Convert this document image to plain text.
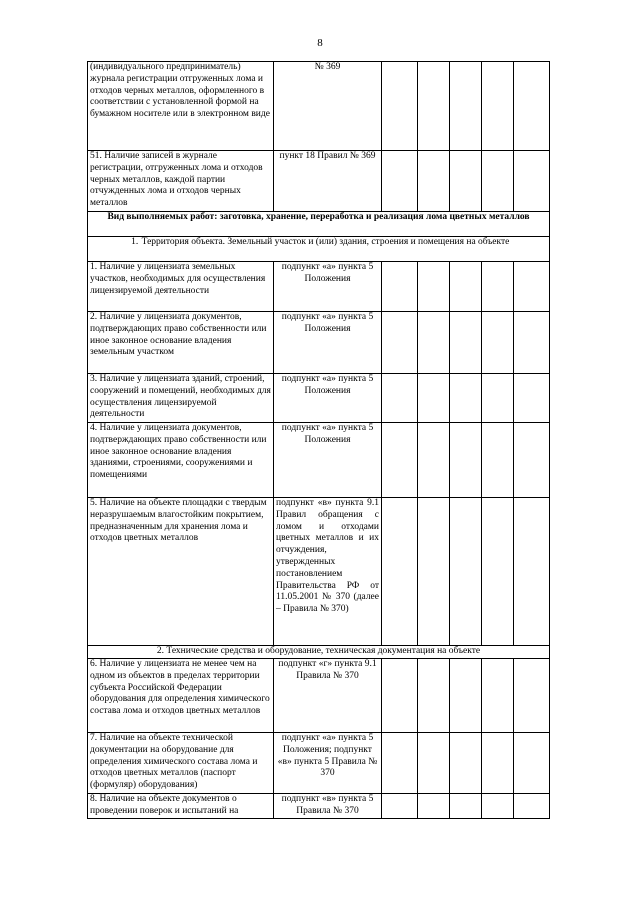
8
(индивидуального предприниматель) журнала регистрации отгруженных лома и отходов черных металлов, оформленного в соответствии с установленной формой на бумажном носителе или в электронном виде	№ 369					
51. Наличие записей в журнале регистрации, отгруженных лома и отходов черных металлов, каждой партии отчужденных лома и отходов черных металлов	пункт 18 Правил № 369					
Вид выполняемых работ: заготовка, хранение, переработка и реализация лома цветных металлов						
1. Территория объекта. Земельный участок и (или) здания, строения и помещения на объекте						
1. Наличие у лицензиата земельных участков, необходимых для осуществления лицензируемой деятельности	подпункт «а» пункта 5 Положения					
2. Наличие у лицензиата документов, подтверждающих право собственности или иное законное основание владения земельным участком	подпункт «а» пункта 5 Положения					
3. Наличие у лицензиата зданий, строений, сооружений и помещений, необходимых для осуществления лицензируемой деятельности	подпункт «а» пункта 5 Положения					
4. Наличие у лицензиата документов, подтверждающих право собственности или иное законное основание владения зданиями, строениями, сооружениями и помещениями	подпункт «а» пункта 5 Положения					
5. Наличие на объекте площадки с твердым неразрушаемым влагостойким покрытием, предназначенным для хранения лома и отходов цветных металлов	подпункт «в» пункта 9.1 Правил обращения с ломом и отходами цветных металлов и их отчуждения, утвержденных постановлением Правительства РФ от 11.05.2001 № 370 (далее – Правила № 370)					
2. Технические средства и оборудование, техническая документация на объекте						
6. Наличие у лицензиата не менее чем на одном из объектов в пределах территории субъекта Российской Федерации оборудования для определения химического состава лома и отходов цветных металлов	подпункт «г» пункта 9.1 Правила № 370					
7. Наличие на объекте технической документации на оборудование для определения химического состава лома и отходов цветных металлов (паспорт (формуляр) оборудования)	подпункт «а» пункта 5 Положения; подпункт «в» пункта 5 Правила № 370					
8. Наличие на объекте документов о проведении поверок и испытаний на	подпункт «в» пункта 5 Правила № 370					
